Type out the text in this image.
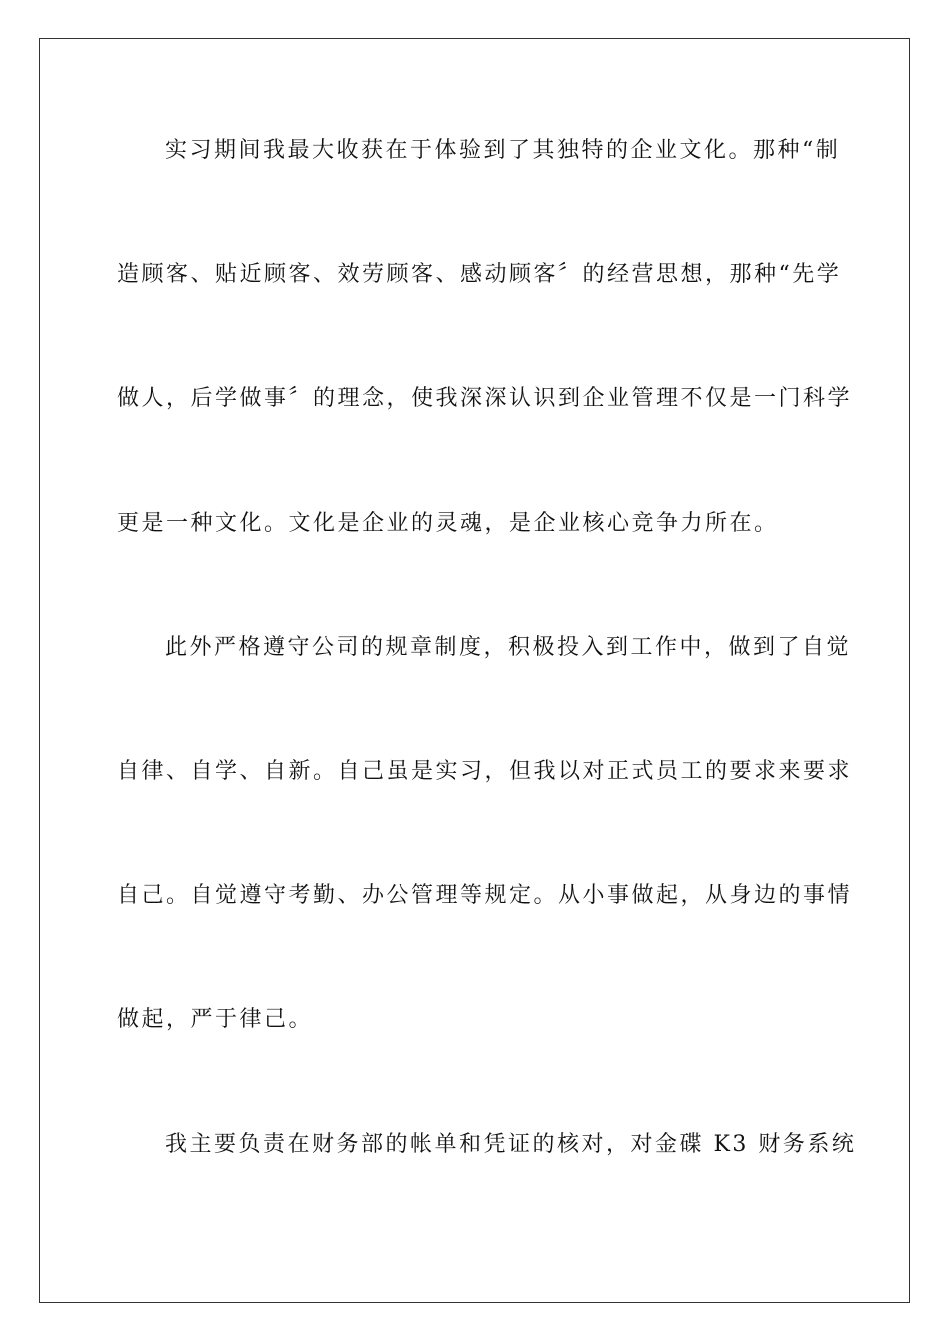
实习期间我最大收获在于体验到了其独特的企业文化。那种“制
造顾客、贴近顾客、效劳顾客、感动顾客〞的经营思想，那种“先学
做人，后学做事〞的理念，使我深深认识到企业管理不仅是一门科学
更是一种文化。文化是企业的灵魂，是企业核心竞争力所在。
此外严格遵守公司的规章制度，积极投入到工作中，做到了自觉
自律、自学、自新。自己虽是实习，但我以对正式员工的要求来要求
自己。自觉遵守考勤、办公管理等规定。从小事做起，从身边的事情
做起，严于律己。
我主要负责在财务部的帐单和凭证的核对，对金碟 K3 财务系统
